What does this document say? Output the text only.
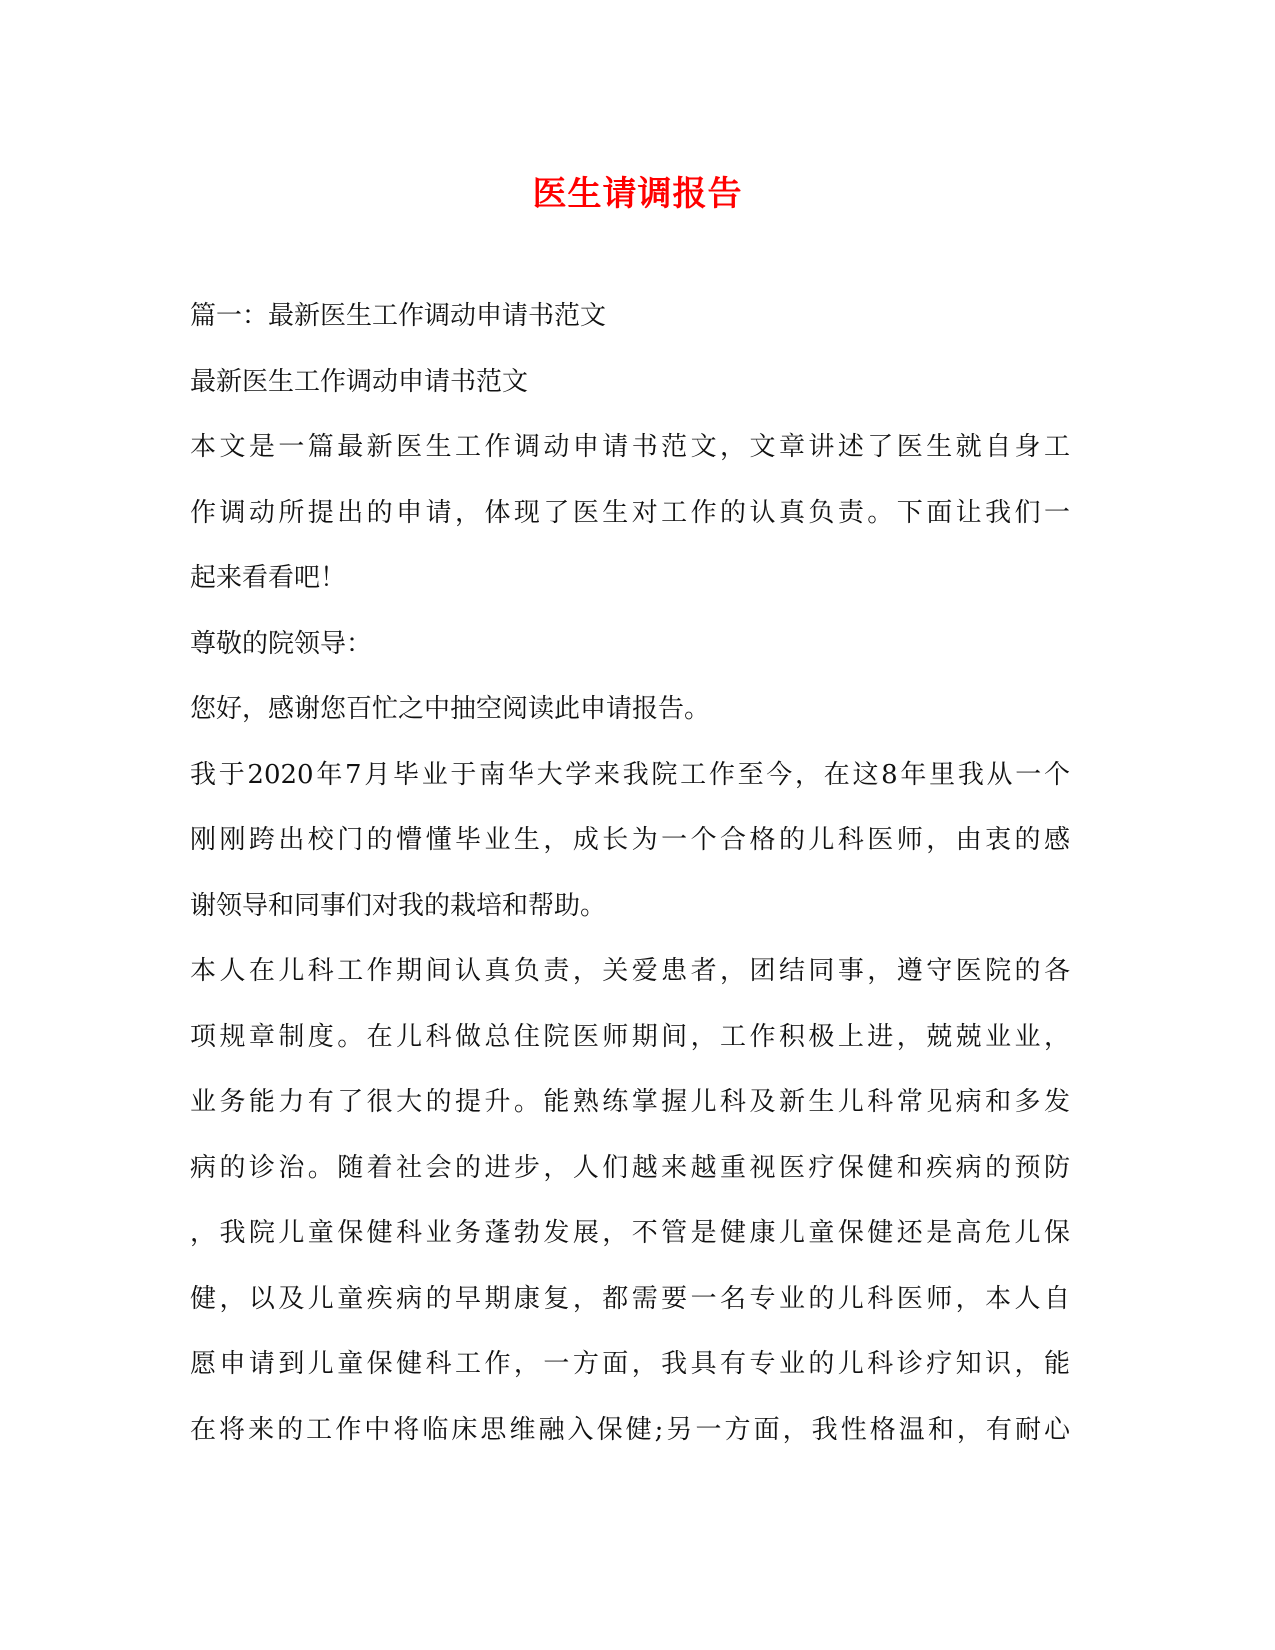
医生请调报告
篇一：最新医生工作调动申请书范文
最新医生工作调动申请书范文
本文是一篇最新医生工作调动申请书范文，文章讲述了医生就自身工
作调动所提出的申请，体现了医生对工作的认真负责。下面让我们一
起来看看吧！
尊敬的院领导：
您好，感谢您百忙之中抽空阅读此申请报告。
我于2020年7月毕业于南华大学来我院工作至今，在这8年里我从一个
刚刚跨出校门的懵懂毕业生，成长为一个合格的儿科医师，由衷的感
谢领导和同事们对我的栽培和帮助。
本人在儿科工作期间认真负责，关爱患者，团结同事，遵守医院的各
项规章制度。在儿科做总住院医师期间，工作积极上进，兢兢业业，
业务能力有了很大的提升。能熟练掌握儿科及新生儿科常见病和多发
病的诊治。随着社会的进步，人们越来越重视医疗保健和疾病的预防
，我院儿童保健科业务蓬勃发展，不管是健康儿童保健还是高危儿保
健，以及儿童疾病的早期康复，都需要一名专业的儿科医师，本人自
愿申请到儿童保健科工作，一方面，我具有专业的儿科诊疗知识，能
在将来的工作中将临床思维融入保健;另一方面，我性格温和，有耐心
